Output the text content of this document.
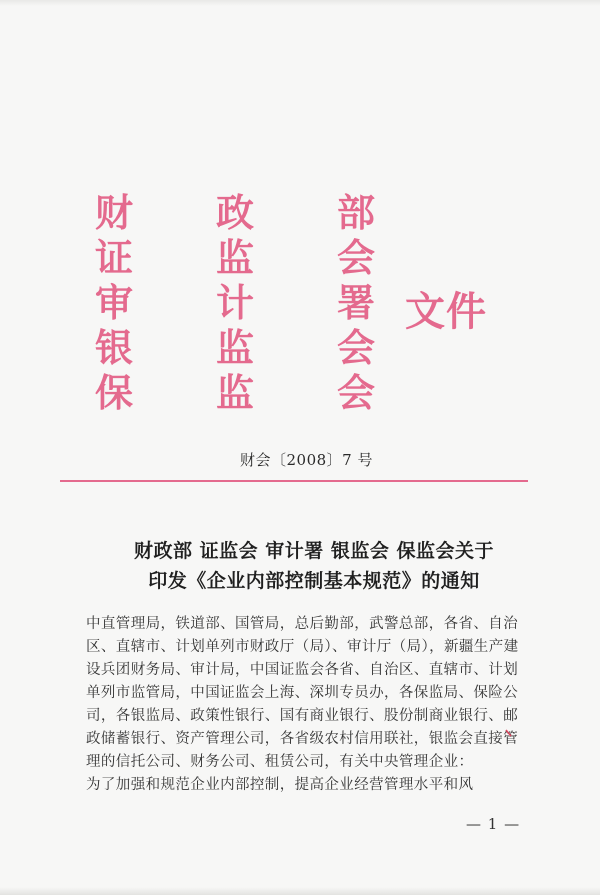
财
证
审
银
保
政
监
计
监
监
部
会
署
会
会
文件
财会〔2008〕7 号
财政部 证监会 审计署 银监会 保监会关于
印发《企业内部控制基本规范》的通知
中直管理局，铁道部、国管局，总后勤部，武警总部，各省、自治
区、直辖市、计划单列市财政厅（局）、审计厅（局），新疆生产建
设兵团财务局、审计局，中国证监会各省、自治区、直辖市、计划
单列市监管局，中国证监会上海、深圳专员办，各保监局、保险公
司，各银监局、政策性银行、国有商业银行、股份制商业银行、邮
政储蓄银行、资产管理公司，各省级农村信用联社，银监会直接管
理的信托公司、财务公司、租赁公司，有关中央管理企业：
为了加强和规范企业内部控制，提高企业经营管理水平和风
— 1 —
